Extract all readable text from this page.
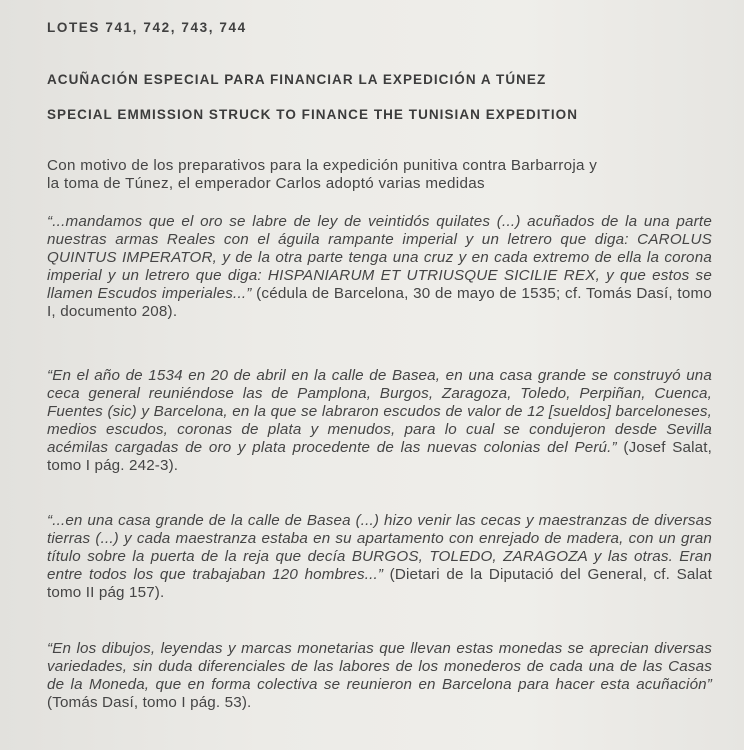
LOTES 741, 742, 743, 744
ACUÑACIÓN ESPECIAL PARA FINANCIAR LA EXPEDICIÓN A TÚNEZ
SPECIAL EMMISSION STRUCK TO FINANCE THE TUNISIAN EXPEDITION
Con motivo de los preparativos para la expedición punitiva contra Barbarroja y
la toma de Túnez, el emperador Carlos adoptó varias medidas
“...mandamos que el oro se labre de ley de veintidós quilates (...) acuñados de la una parte nuestras armas Reales con el águila rampante imperial y un letrero que diga: CAROLUS QUINTUS IMPERATOR, y de la otra parte tenga una cruz y en cada extremo de ella la corona imperial y un letrero que diga: HISPANIARUM ET UTRIUSQUE SICILIE REX, y que estos se llamen Escudos imperiales...” (cédula de Barcelona, 30 de mayo de 1535; cf. Tomás Dasí, tomo I, documento 208).
“En el año de 1534 en 20 de abril en la calle de Basea, en una casa grande se construyó una ceca general reuniéndose las de Pamplona, Burgos, Zaragoza, Toledo, Perpiñan, Cuenca, Fuentes (sic) y Barcelona, en la que se labraron escudos de valor de 12 [sueldos] barceloneses, medios escudos, coronas de plata y menudos, para lo cual se condujeron desde Sevilla acémilas cargadas de oro y plata procedente de las nuevas colonias del Perú.” (Josef Salat, tomo I pág. 242-3).
“...en una casa grande de la calle de Basea (...) hizo venir las cecas y maestranzas de diversas tierras (...) y cada maestranza estaba en su apartamento con enrejado de madera, con un gran título sobre la puerta de la reja que decía BURGOS, TOLEDO, ZARAGOZA y las otras. Eran entre todos los que trabajaban 120 hombres...” (Dietari de la Diputació del General, cf. Salat tomo II pág 157).
“En los dibujos, leyendas y marcas monetarias que llevan estas monedas se aprecian diversas variedades, sin duda diferenciales de las labores de los monederos de cada una de las Casas de la Moneda, que en forma colectiva se reunieron en Barcelona para hacer esta acuñación” (Tomás Dasí, tomo I pág. 53).
